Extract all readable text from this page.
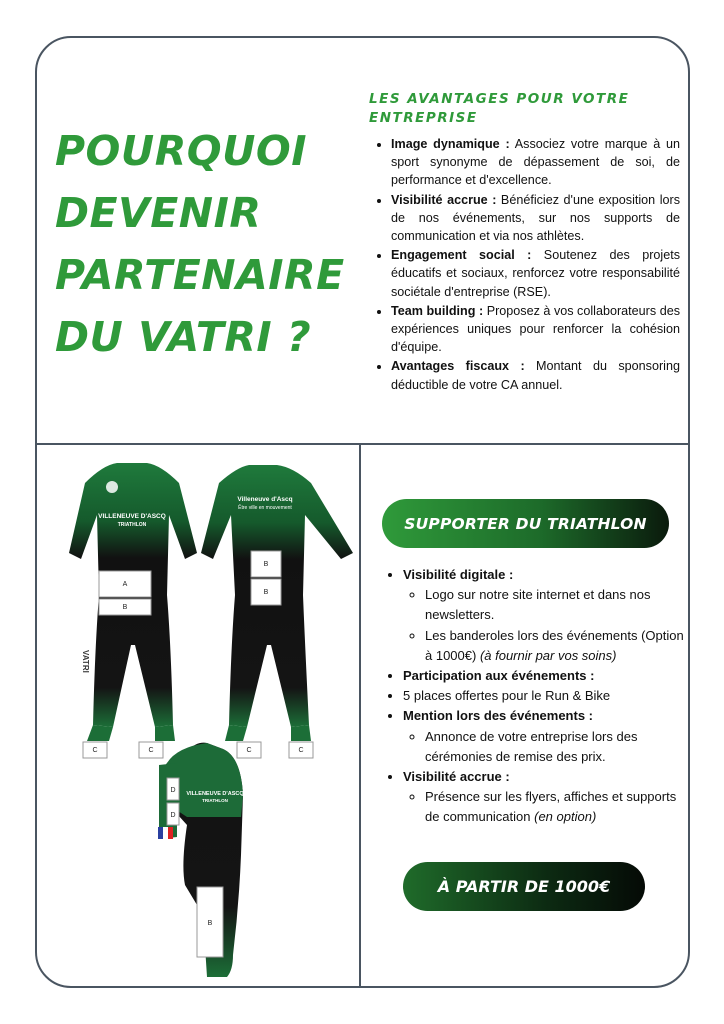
POURQUOI
DEVENIR
PARTENAIRE
DU VATRI ?
LES AVANTAGES POUR VOTRE ENTREPRISE
• Image dynamique : Associez votre marque à un sport synonyme de dépassement de soi, de performance et d'excellence.
• Visibilité accrue : Bénéficiez d'une exposition lors de nos événements, sur nos supports de communication et via nos athlètes.
• Engagement social : Soutenez des projets éducatifs et sociaux, renforcez votre responsabilité sociétale d'entreprise (RSE).
• Team building : Proposez à vos collaborateurs des expériences uniques pour renforcer la cohésion d'équipe.
• Avantages fiscaux : Montant du sponsoring déductible de votre CA annuel.
VILLENEUVE D'ASCQ
TRIATHLON
VATRI
A
B
C	C
Villeneuve d'Ascq
Être ville en mouvement
B
B
C	C
VILLENEUVE D'ASCQ
TRIATHLON
D
D
B
SUPPORTER DU TRIATHLON
• Visibilité digitale :
◦ Logo sur notre site internet et dans nos newsletters.
◦ Les banderoles lors des événements (Option à 1000€) (à fournir par vos soins)
• Participation aux événements :
• 5 places offertes pour le Run & Bike
• Mention lors des événements :
◦ Annonce de votre entreprise lors des cérémonies de remise des prix.
• Visibilité accrue :
◦ Présence sur les flyers, affiches et supports de communication (en option)
À PARTIR DE 1000€
